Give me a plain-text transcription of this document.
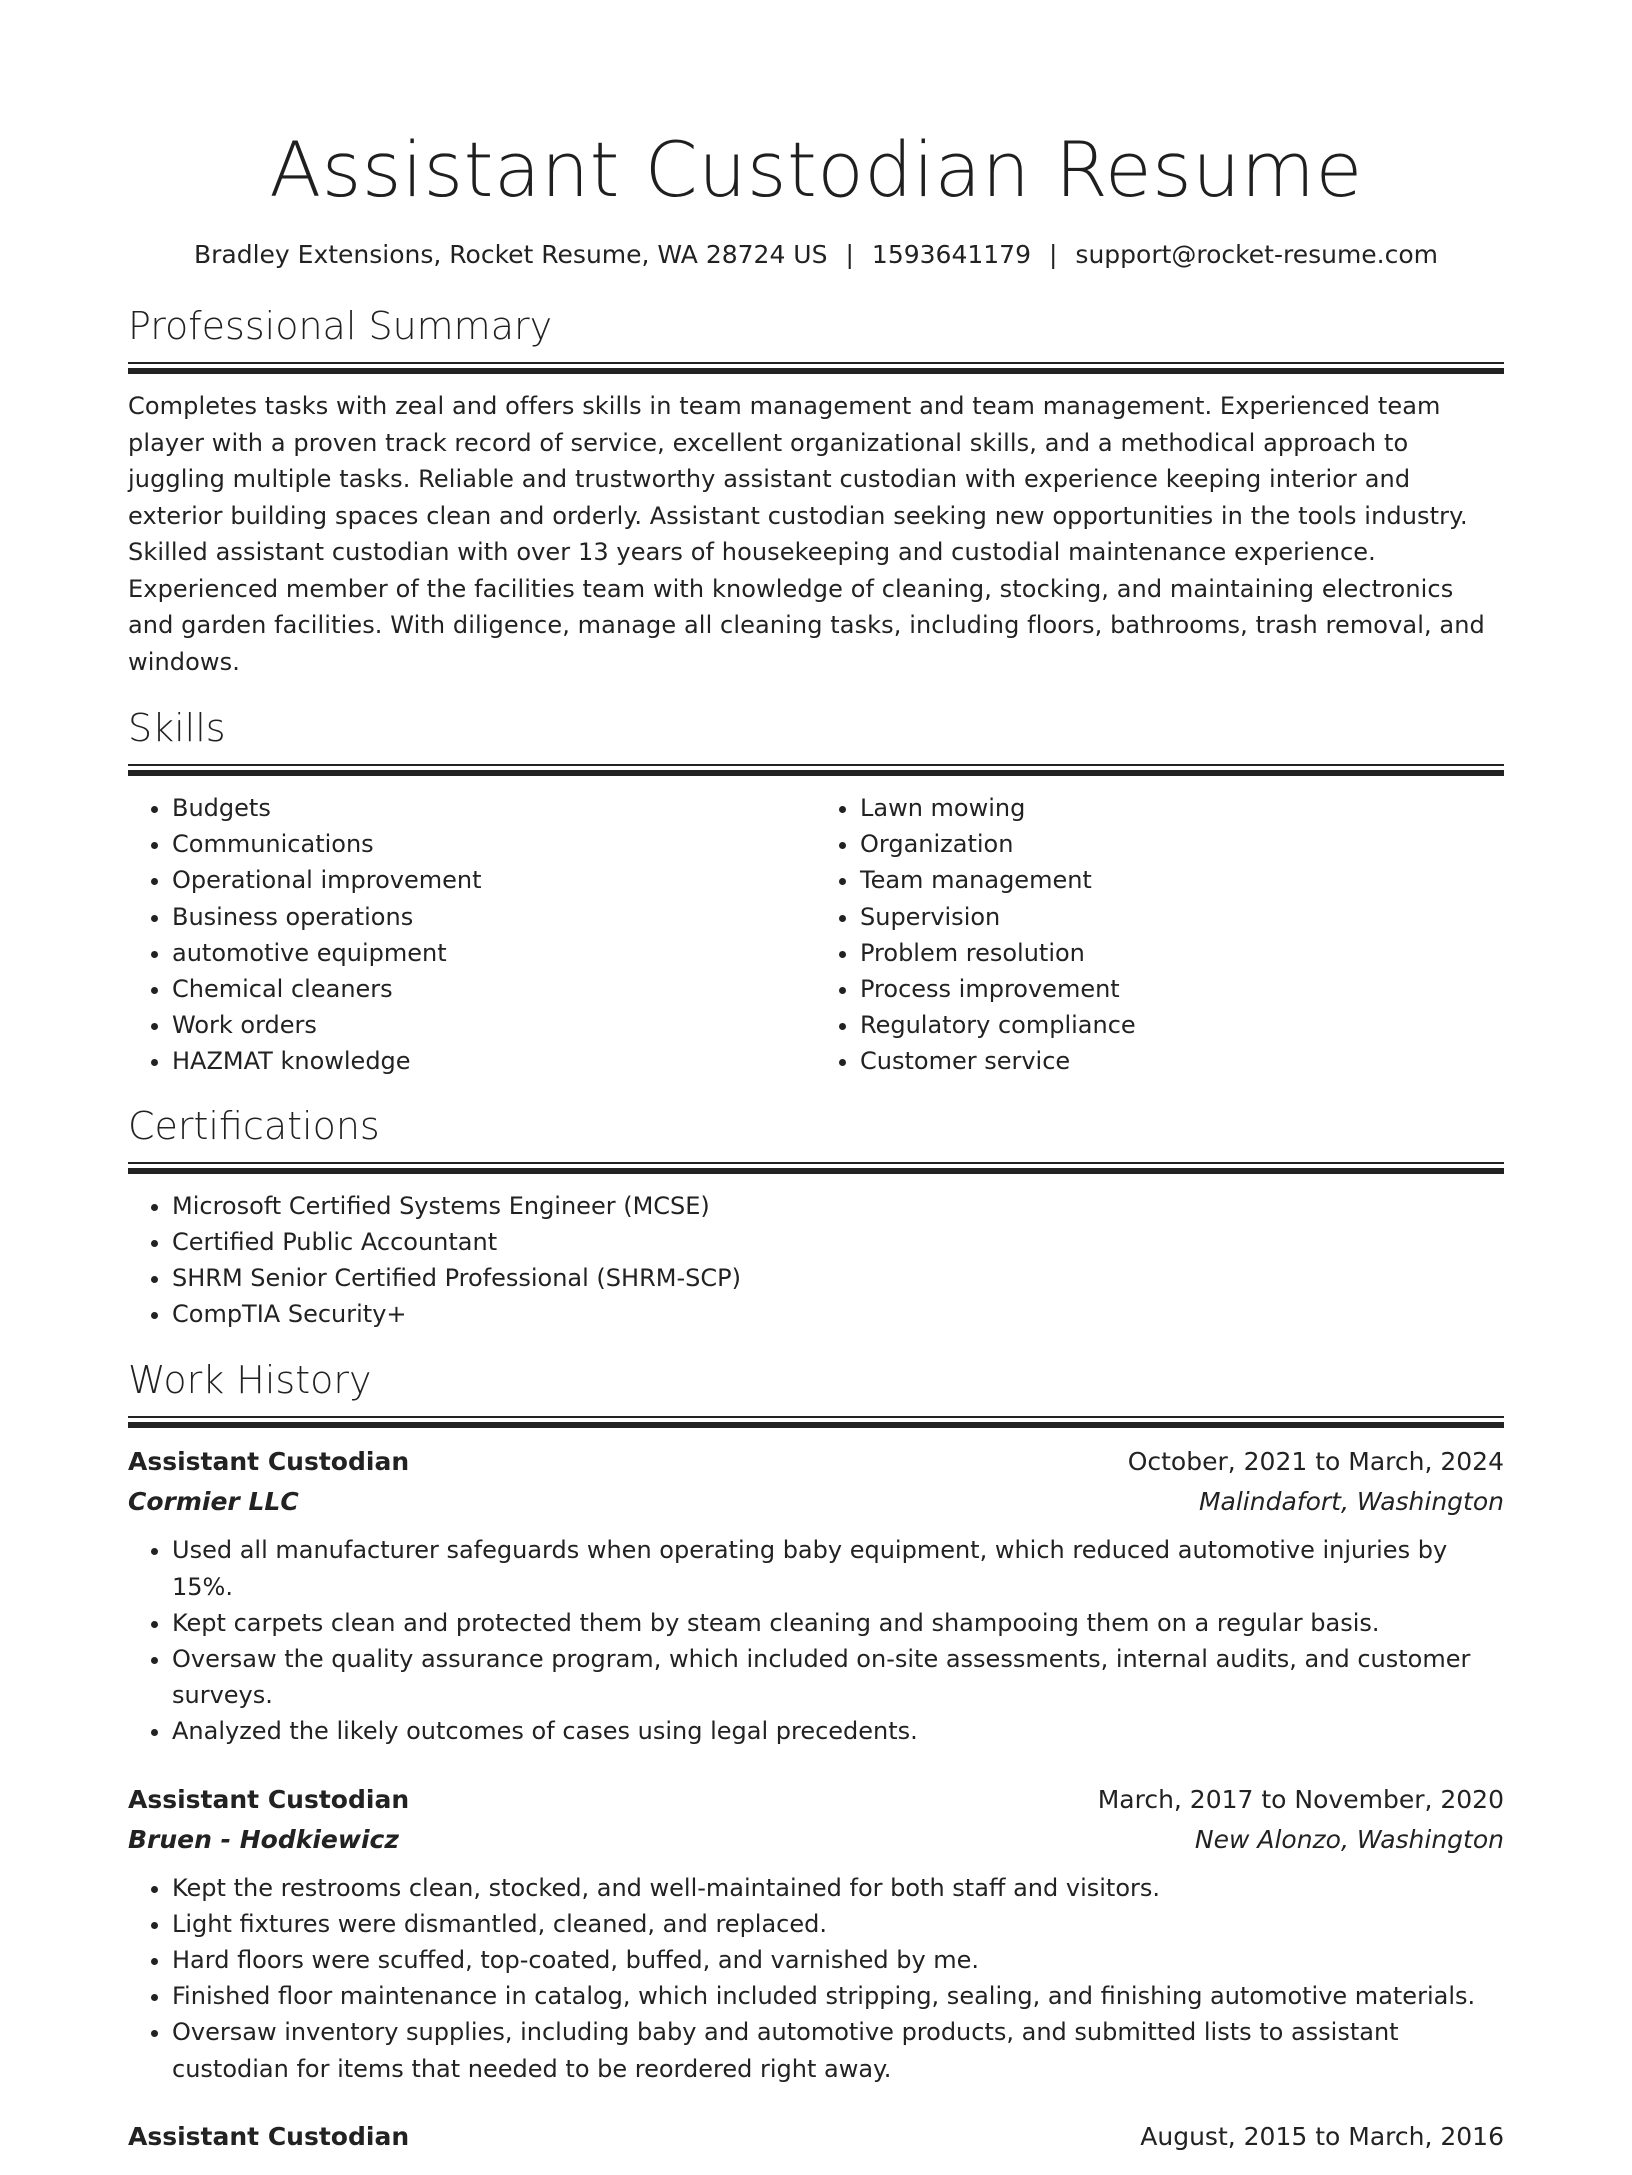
Assistant Custodian Resume
Bradley Extensions, Rocket Resume, WA 28724 US | 1593641179 | support@rocket-resume.com
Professional Summary

Completes tasks with zeal and offers skills in team management and team management. Experienced team player with a proven track record of service, excellent organizational skills, and a methodical approach to juggling multiple tasks. Reliable and trustworthy assistant custodian with experience keeping interior and exterior building spaces clean and orderly. Assistant custodian seeking new opportunities in the tools industry. Skilled assistant custodian with over 13 years of housekeeping and custodial maintenance experience. Experienced member of the facilities team with knowledge of cleaning, stocking, and maintaining electronics and garden facilities. With diligence, manage all cleaning tasks, including floors, bathrooms, trash removal, and windows.

Skills
• Budgets
• Communications
• Operational improvement
• Business operations
• automotive equipment
• Chemical cleaners
• Work orders
• HAZMAT knowledge
• Lawn mowing
• Organization
• Team management
• Supervision
• Problem resolution
• Process improvement
• Regulatory compliance
• Customer service
Certifications
• Microsoft Certified Systems Engineer (MCSE)
• Certified Public Accountant
• SHRM Senior Certified Professional (SHRM-SCP)
• CompTIA Security+
Work History
Assistant Custodian	October, 2021 to March, 2024
Cormier LLC	Malindafort, Washington
• Used all manufacturer safeguards when operating baby equipment, which reduced automotive injuries by 15%.
• Kept carpets clean and protected them by steam cleaning and shampooing them on a regular basis.
• Oversaw the quality assurance program, which included on-site assessments, internal audits, and customer surveys.
• Analyzed the likely outcomes of cases using legal precedents.
Assistant Custodian	March, 2017 to November, 2020
Bruen - Hodkiewicz	New Alonzo, Washington
• Kept the restrooms clean, stocked, and well-maintained for both staff and visitors.
• Light fixtures were dismantled, cleaned, and replaced.
• Hard floors were scuffed, top-coated, buffed, and varnished by me.
• Finished floor maintenance in catalog, which included stripping, sealing, and finishing automotive materials.
• Oversaw inventory supplies, including baby and automotive products, and submitted lists to assistant custodian for items that needed to be reordered right away.
Assistant Custodian	August, 2015 to March, 2016
